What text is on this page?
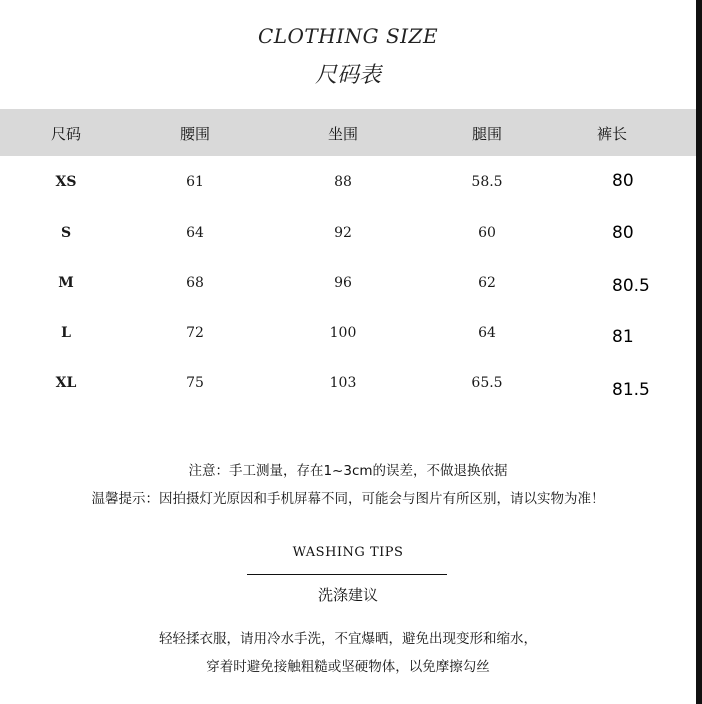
CLOTHING SIZE
尺码表
尺码	腰围	坐围	腿围	裤长
XS	61	88	58.5	80
S	64	92	60	80
M	68	96	62	80.5
L	72	100	64	81
XL	75	103	65.5	81.5
注意：手工测量，存在1~3cm的误差，不做退换依据
温馨提示：因拍摄灯光原因和手机屏幕不同，可能会与图片有所区别，请以实物为准！
WASHING TIPS
洗涤建议
轻轻揉衣服，请用冷水手洗，不宜爆晒，避免出现变形和缩水，
穿着时避免接触粗糙或坚硬物体，以免摩擦勾丝
